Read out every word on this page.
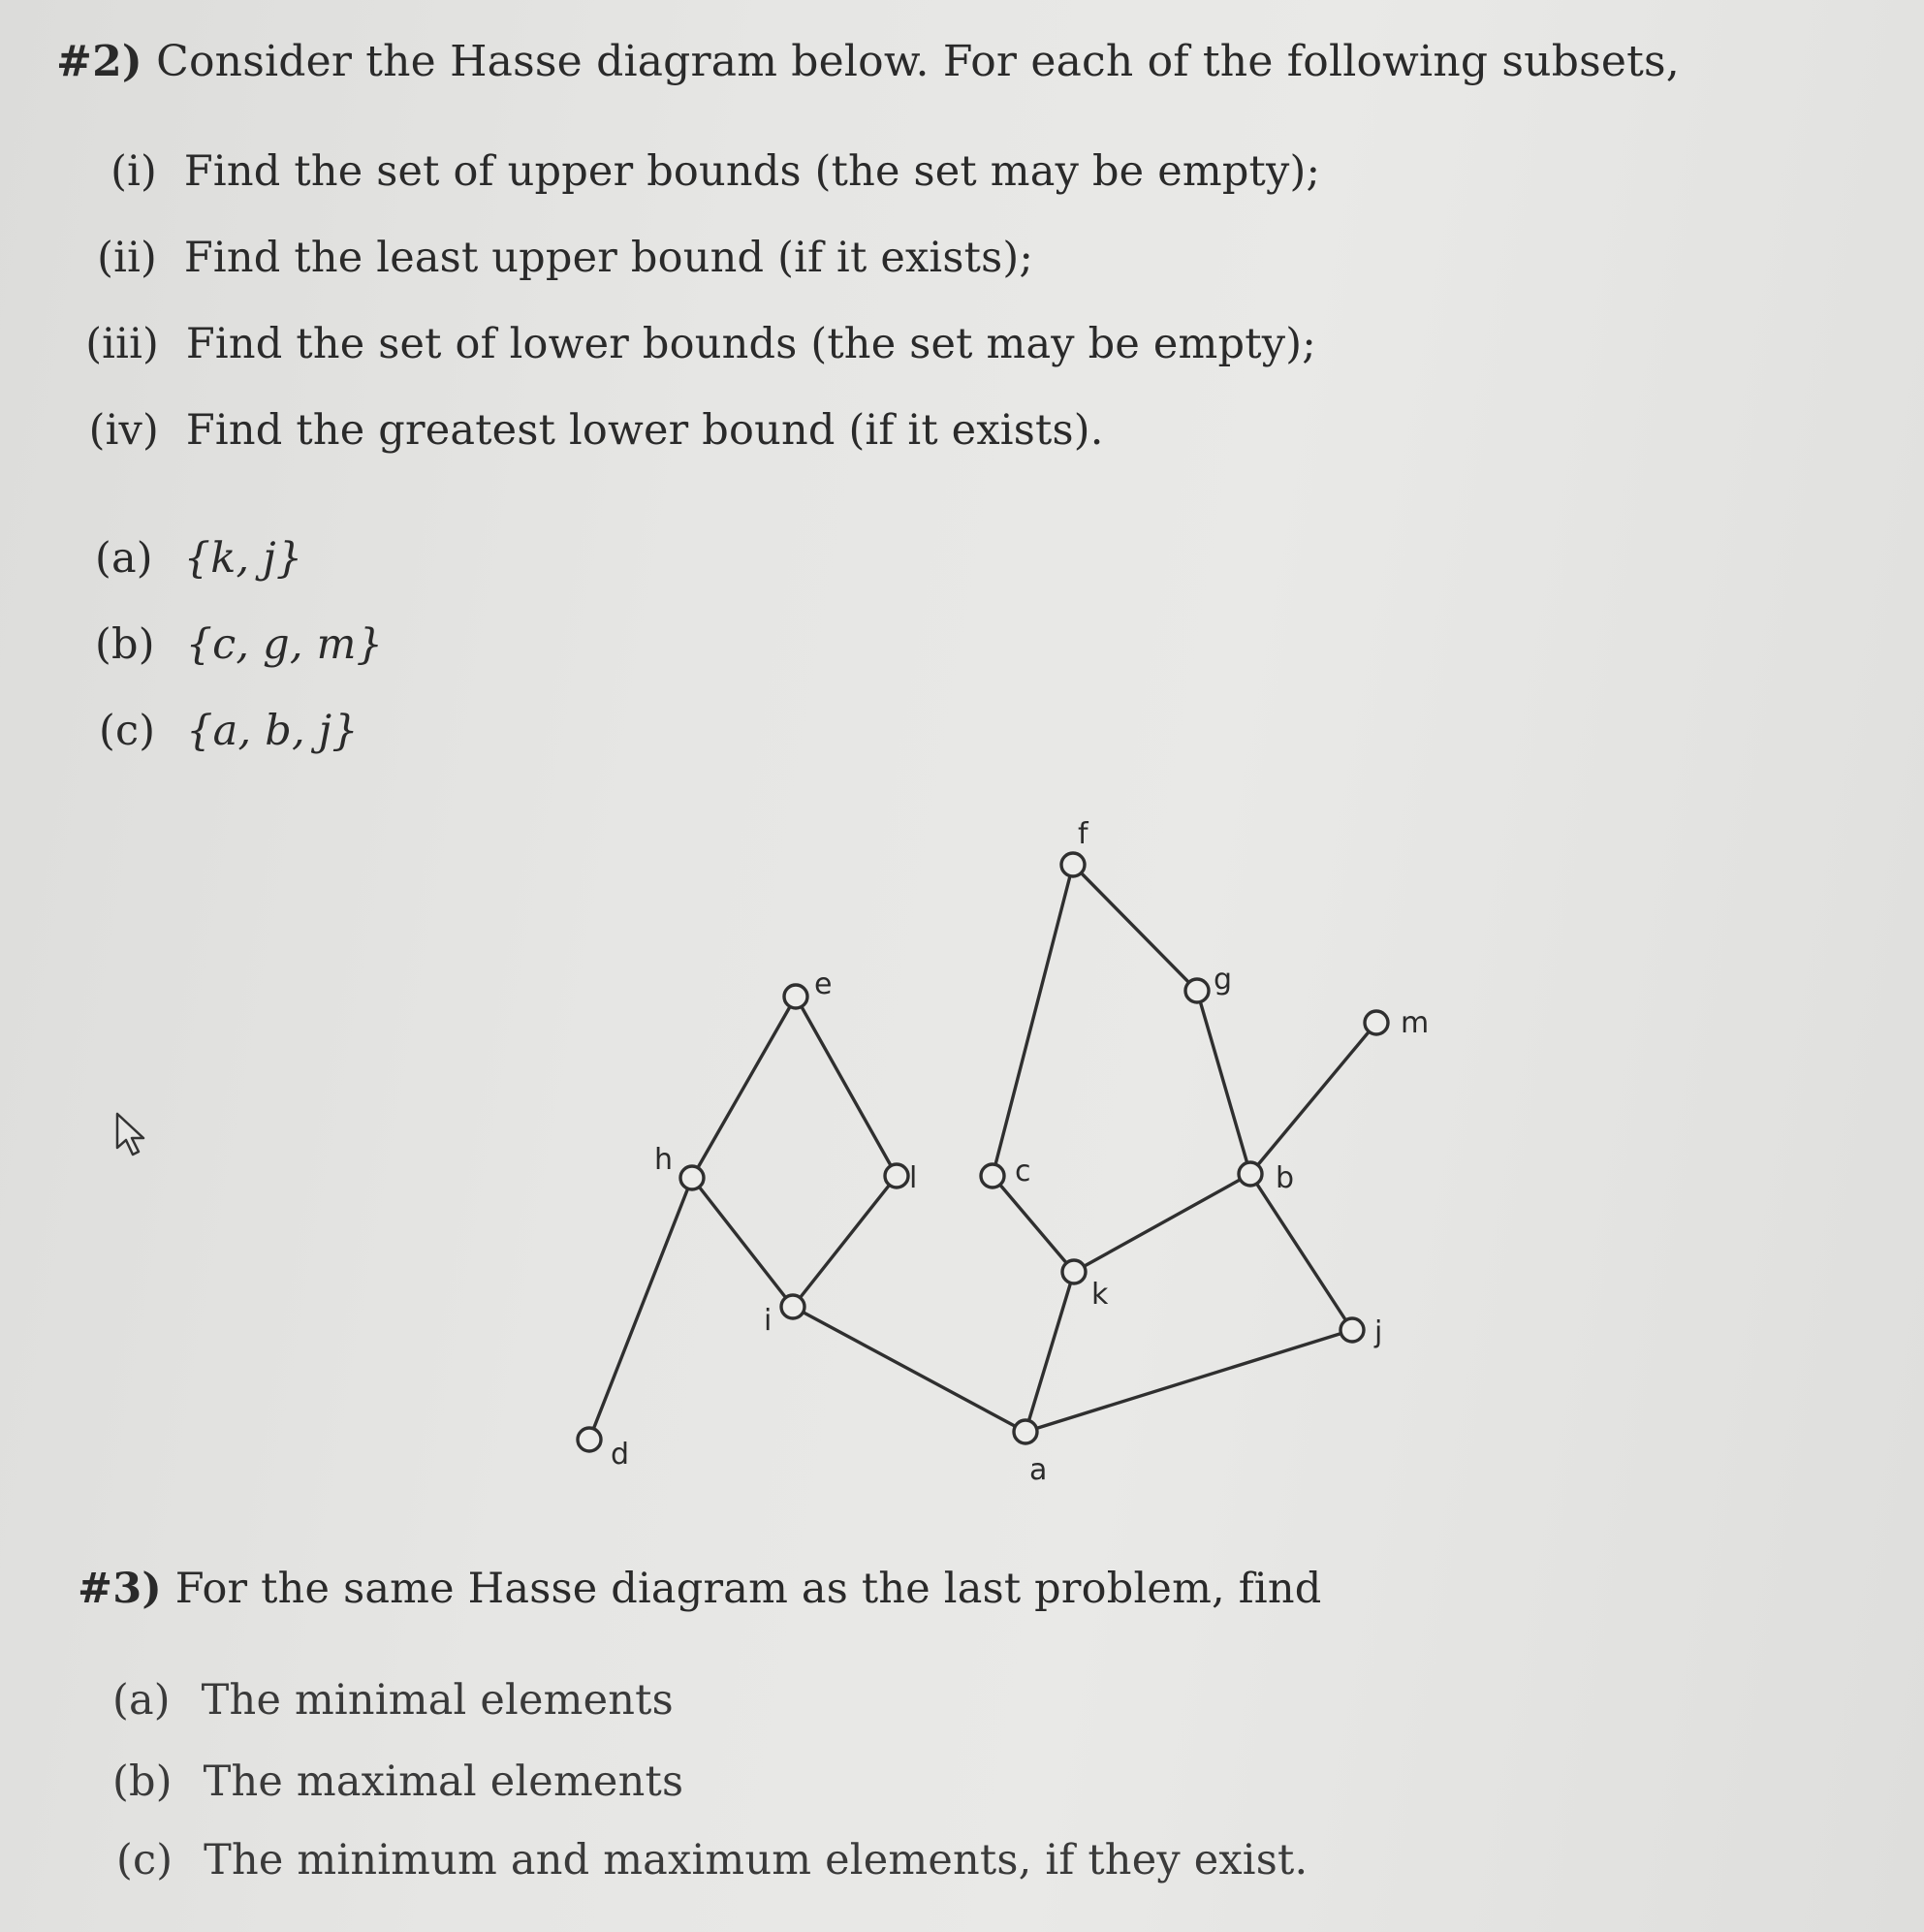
#2) Consider the Hasse diagram below. For each of the following subsets,
(i) Find the set of upper bounds (the set may be empty);
(ii) Find the least upper bound (if it exists);
(iii) Find the set of lower bounds (the set may be empty);
(iv) Find the greatest lower bound (if it exists).
(a) {k, j}
(b) {c, g, m}
(c) {a, b, j}
a
b
c
d
e
f
g
h
i	j
k
l
m
#3) For the same Hasse diagram as the last problem, find
(a) The minimal elements
(b) The maximal elements
(c) The minimum and maximum elements, if they exist.
